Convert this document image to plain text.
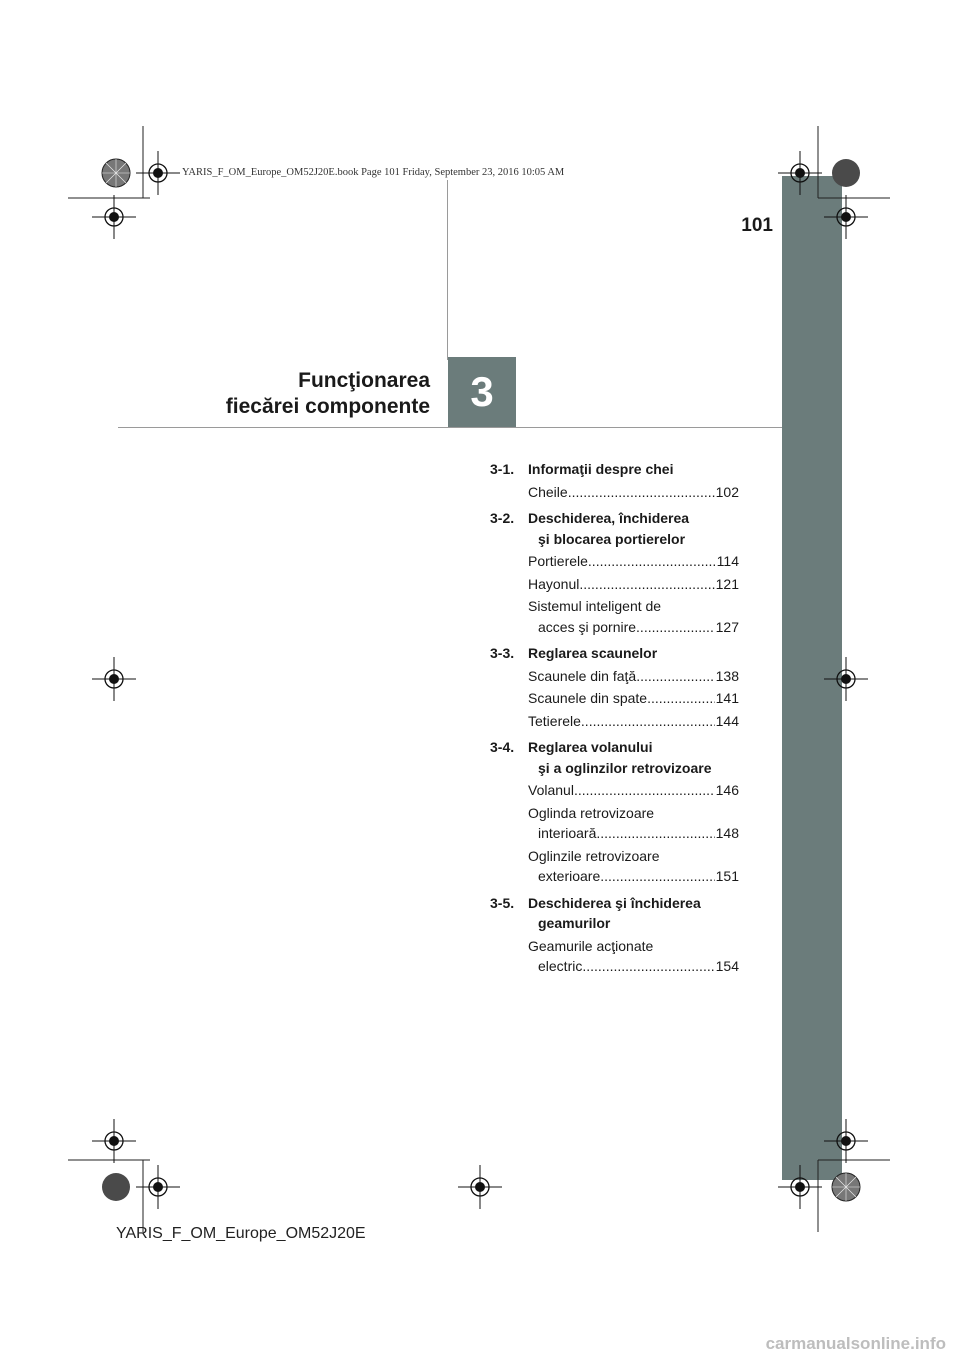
YARIS_F_OM_Europe_OM52J20E.book Page 101 Friday, September 23, 2016 10:05 AM
101
Funcţionarea
fiecărei componente 3
3-1. Informaţii despre chei
Cheile .....	102
3-2. Deschiderea, închiderea
şi blocarea portierelor
Portierele .....	114
Hayonul .....	121
Sistemul inteligent de
acces şi pornire .....	127
3-3. Reglarea scaunelor
Scaunele din faţă .....	138
Scaunele din spate .....	141
Tetierele .....	144
3-4. Reglarea volanului
şi a oglinzilor retrovizoare
Volanul .....	146
Oglinda retrovizoare
interioară .....	148
Oglinzile retrovizoare
exterioare .....	151
3-5. Deschiderea şi închiderea
geamurilor
Geamurile acţionate
electric .....	154
YARIS_F_OM_Europe_OM52J20E
carmanualsonline.info
